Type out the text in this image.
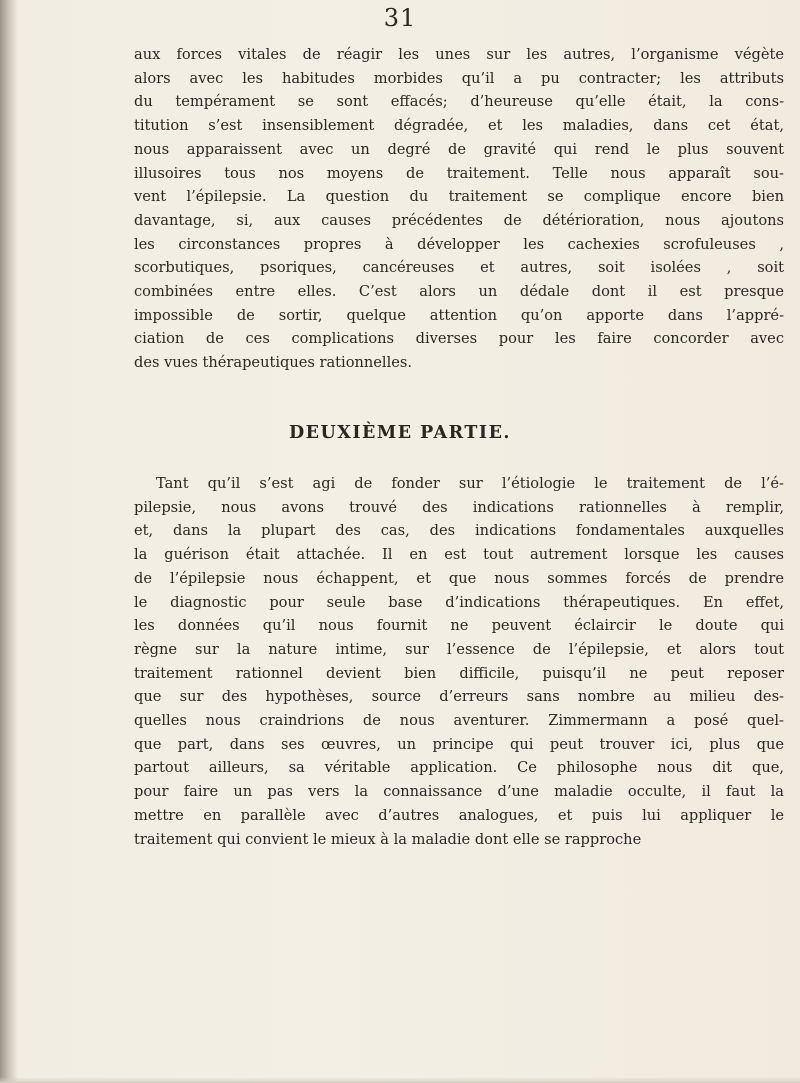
31

aux forces vitales de réagir les unes sur les autres, l’organisme végète
alors avec les habitudes morbides qu’il a pu contracter; les attributs
du tempérament se sont effacés; d’heureuse qu’elle était, la cons-
titution s’est insensiblement dégradée, et les maladies, dans cet état,
nous apparaissent avec un degré de gravité qui rend le plus souvent
illusoires tous nos moyens de traitement. Telle nous apparaît sou-
vent l’épilepsie. La question du traitement se complique encore bien
davantage, si, aux causes précédentes de détérioration, nous ajoutons
les circonstances propres à développer les cachexies scrofuleuses ,
scorbutiques, psoriques, cancéreuses et autres, soit isolées , soit
combinées entre elles. C’est alors un dédale dont il est presque
impossible de sortir, quelque attention qu’on apporte dans l’appré-
ciation de ces complications diverses pour les faire concorder avec
des vues thérapeutiques rationnelles.

DEUXIÈME PARTIE.

Tant qu’il s’est agi de fonder sur l’étiologie le traitement de l’é-
pilepsie, nous avons trouvé des indications rationnelles à remplir,
et, dans la plupart des cas, des indications fondamentales auxquelles
la guérison était attachée. Il en est tout autrement lorsque les causes
de l’épilepsie nous échappent, et que nous sommes forcés de prendre
le diagnostic pour seule base d’indications thérapeutiques. En effet,
les données qu’il nous fournit ne peuvent éclaircir le doute qui
règne sur la nature intime, sur l’essence de l’épilepsie, et alors tout
traitement rationnel devient bien difficile, puisqu’il ne peut reposer
que sur des hypothèses, source d’erreurs sans nombre au milieu des-
quelles nous craindrions de nous aventurer. Zimmermann a posé quel-
que part, dans ses œuvres, un principe qui peut trouver ici, plus que
partout ailleurs, sa véritable application. Ce philosophe nous dit que,
pour faire un pas vers la connaissance d’une maladie occulte, il faut la
mettre en parallèle avec d’autres analogues, et puis lui appliquer le
traitement qui convient le mieux à la maladie dont elle se rapproche
